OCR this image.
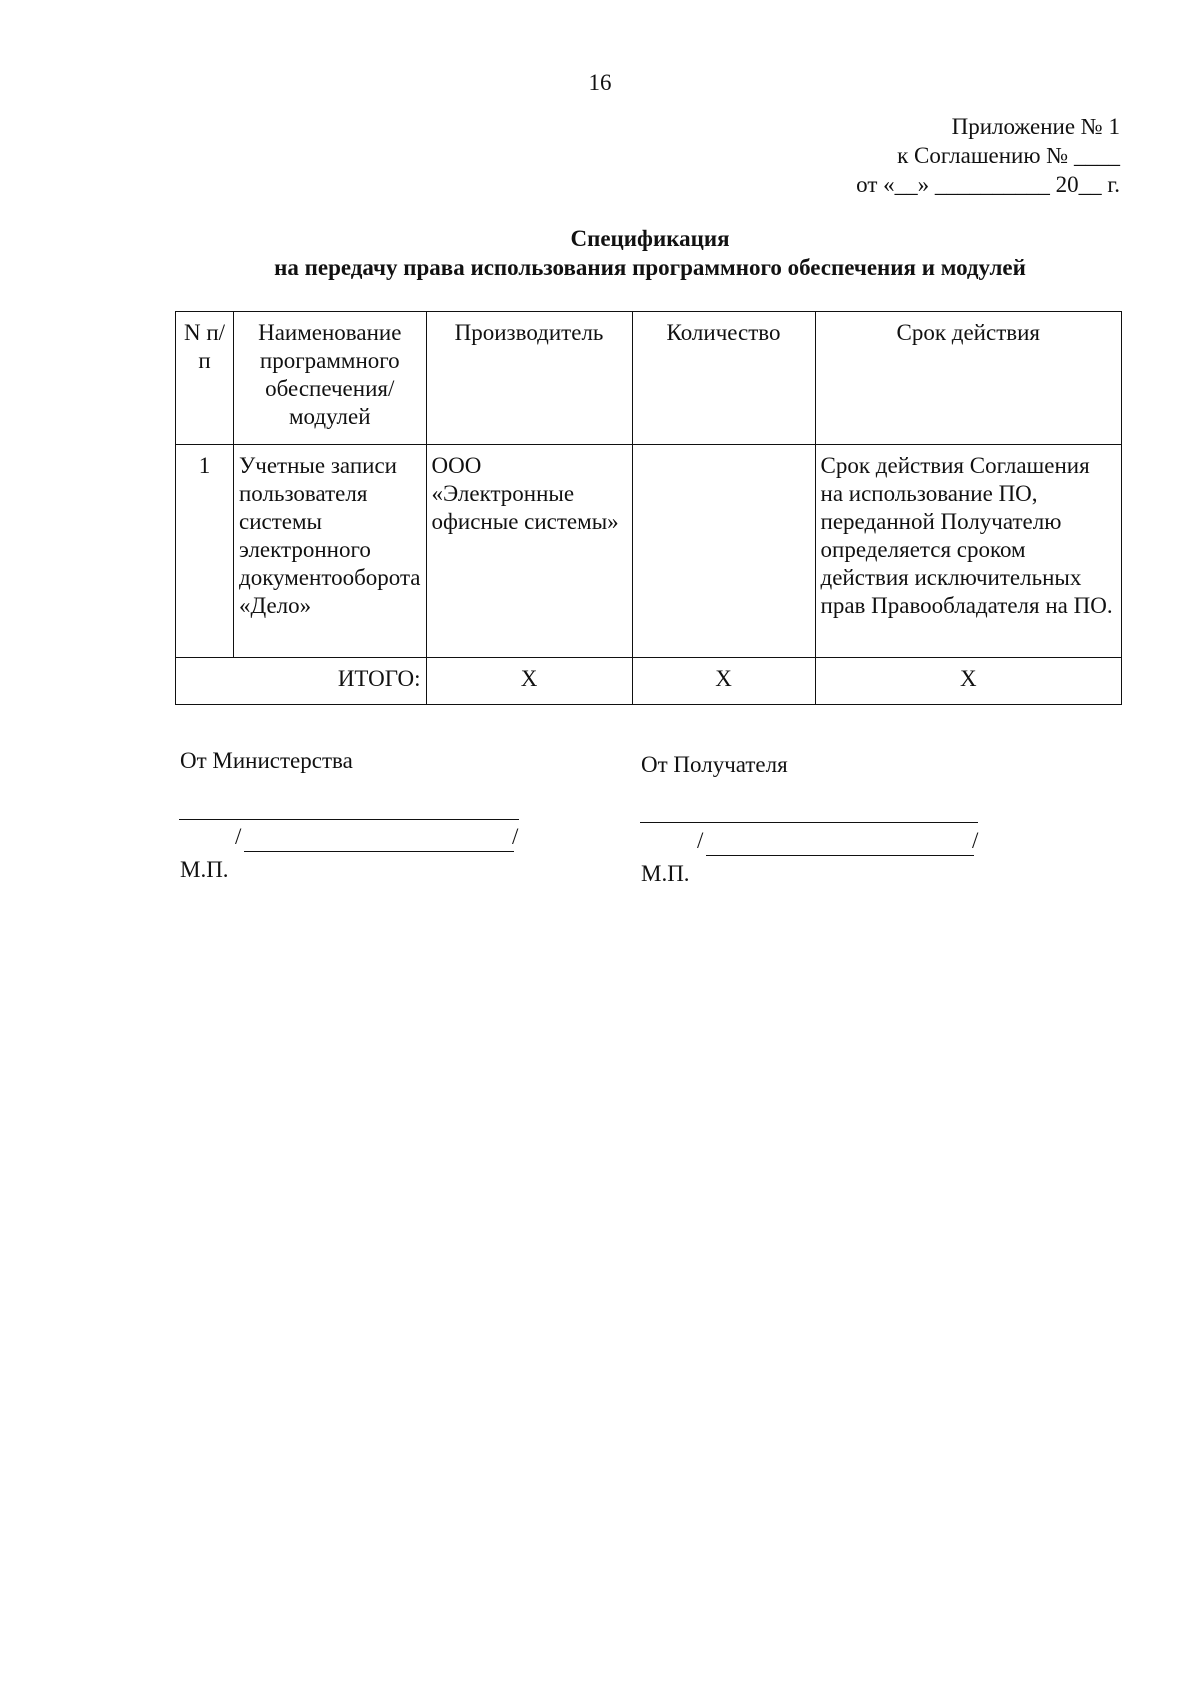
16
Приложение № 1
к Соглашению № ____
от «__» __________ 20__ г.
Спецификация
на передачу права использования программного обеспечения и модулей
N п/п	Наименование программного обеспечения/модулей	Производитель	Количество	Срок действия
1	Учетные записи пользователя системы электронного документооборота «Дело»	ООО «Электронные офисные системы»		Срок действия Соглашения на использование ПО, переданной Получателю определяется сроком действия исключительных прав Правообладателя на ПО.
ИТОГО:		Х	Х	Х
От Министерства
/	/
М.П.
От Получателя
/	/
М.П.
